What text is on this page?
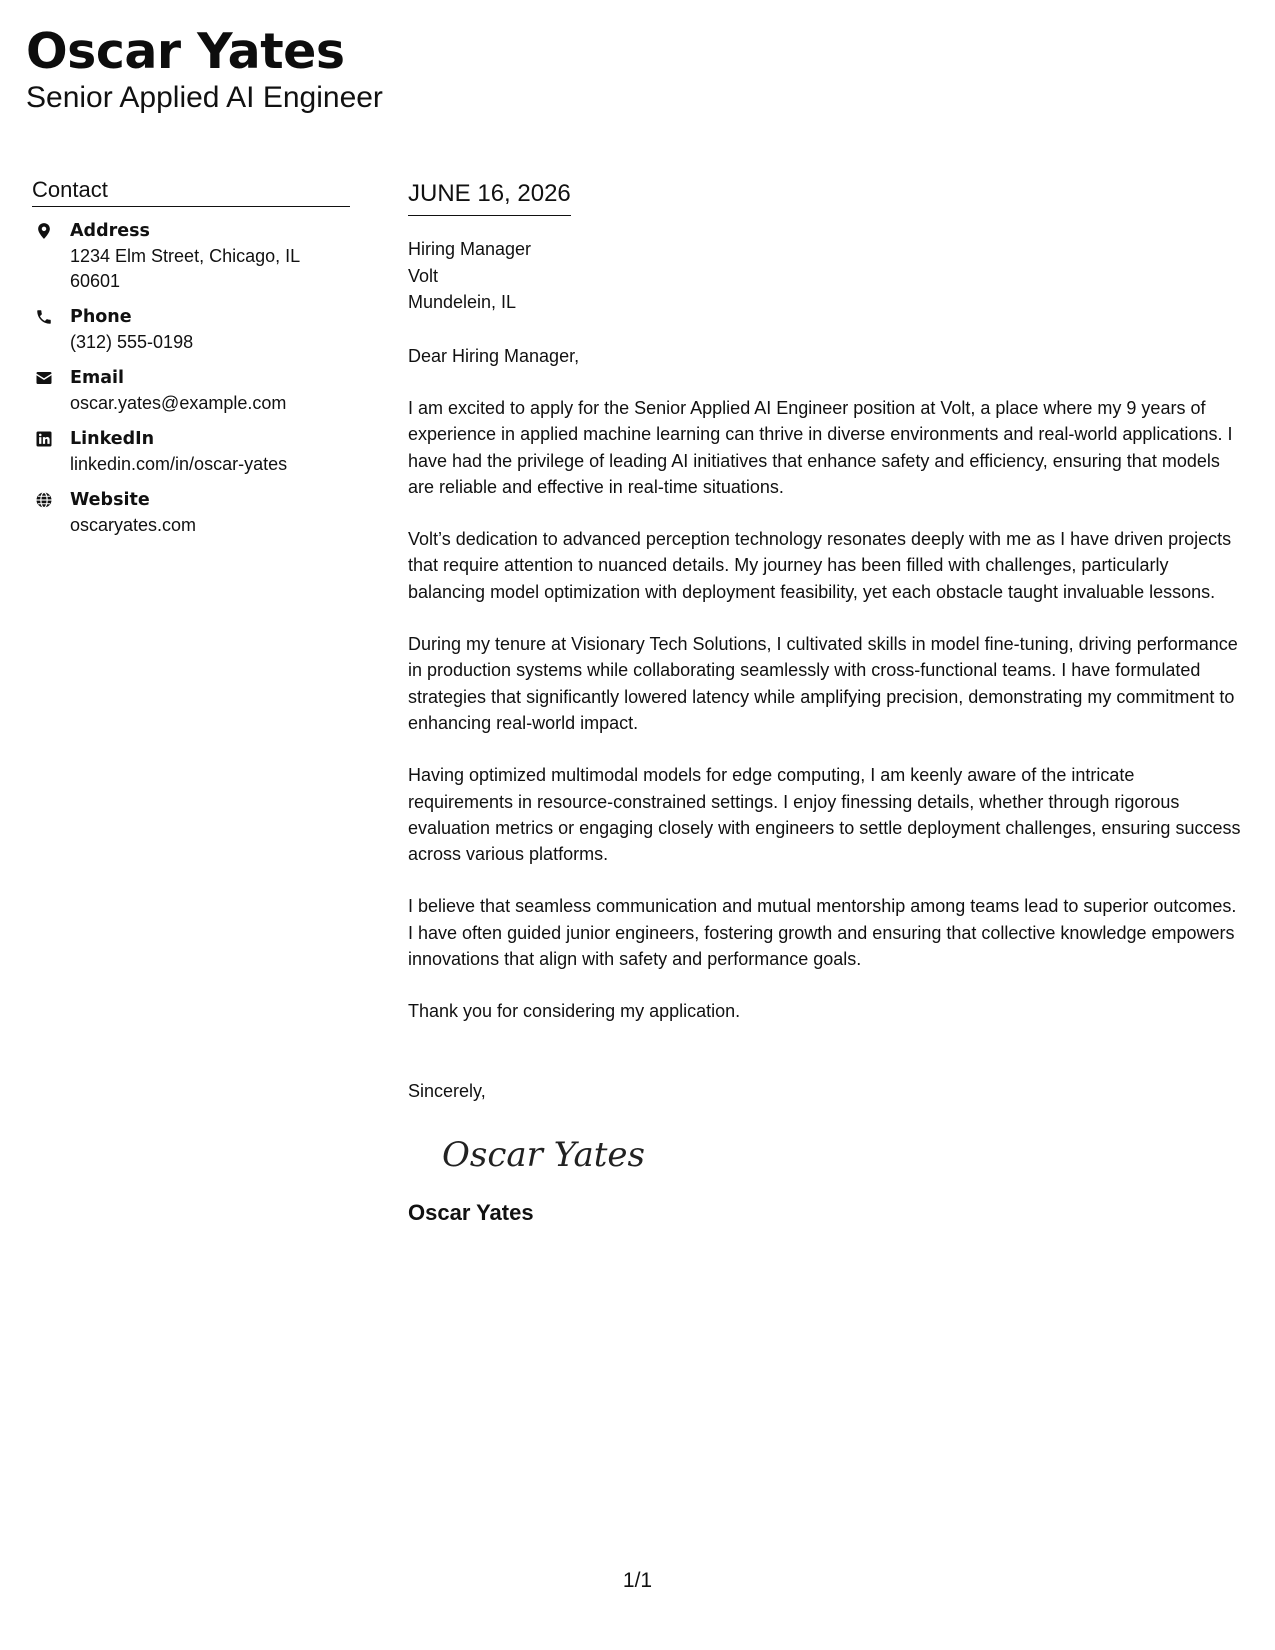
Oscar Yates
Senior Applied AI Engineer
Contact
Address
1234 Elm Street, Chicago, IL 60601
Phone
(312) 555-0198
Email
oscar.yates@example.com
LinkedIn
linkedin.com/in/oscar-yates
Website
oscaryates.com
JUNE 16, 2026
Hiring Manager
Volt
Mundelein, IL
Dear Hiring Manager,
I am excited to apply for the Senior Applied AI Engineer position at Volt, a place where my 9 years of experience in applied machine learning can thrive in diverse environments and real-world applications. I have had the privilege of leading AI initiatives that enhance safety and efficiency, ensuring that models are reliable and effective in real-time situations.
Volt’s dedication to advanced perception technology resonates deeply with me as I have driven projects that require attention to nuanced details. My journey has been filled with challenges, particularly balancing model optimization with deployment feasibility, yet each obstacle taught invaluable lessons.
During my tenure at Visionary Tech Solutions, I cultivated skills in model fine-tuning, driving performance in production systems while collaborating seamlessly with cross-functional teams. I have formulated strategies that significantly lowered latency while amplifying precision, demonstrating my commitment to enhancing real-world impact.
Having optimized multimodal models for edge computing, I am keenly aware of the intricate requirements in resource-constrained settings. I enjoy finessing details, whether through rigorous evaluation metrics or engaging closely with engineers to settle deployment challenges, ensuring success across various platforms.
I believe that seamless communication and mutual mentorship among teams lead to superior outcomes. I have often guided junior engineers, fostering growth and ensuring that collective knowledge empowers innovations that align with safety and performance goals.
Thank you for considering my application.
Sincerely,
Oscar Yates
Oscar Yates
1/1
